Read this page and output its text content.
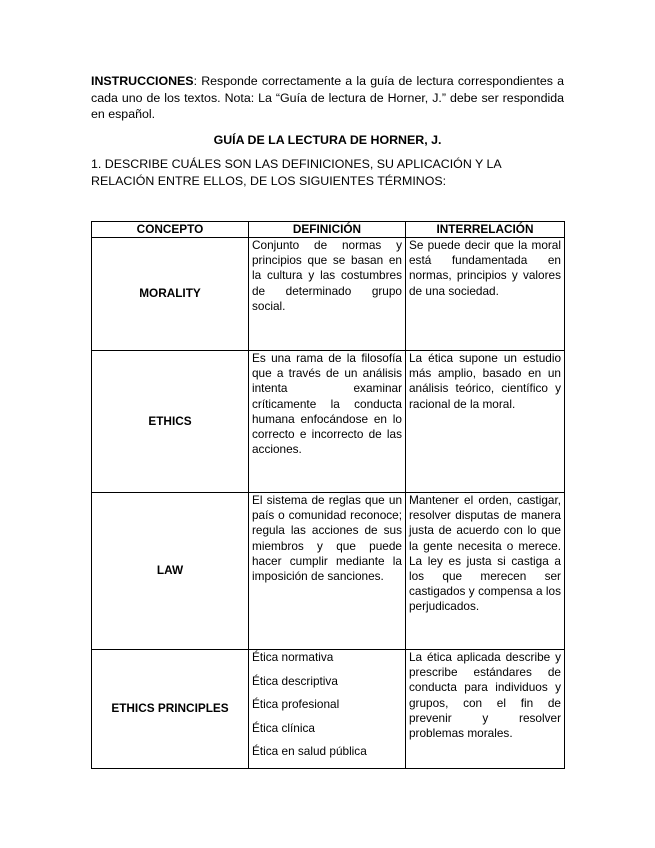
INSTRUCCIONES: Responde correctamente a la guía de lectura correspondientes a cada uno de los textos. Nota: La “Guía de lectura de Horner, J.” debe ser respondida en español.

GUÍA DE LA LECTURA DE HORNER, J.

1. DESCRIBE CUÁLES SON LAS DEFINICIONES, SU APLICACIÓN Y LA RELACIÓN ENTRE ELLOS, DE LOS SIGUIENTES TÉRMINOS:

CONCEPTO	DEFINICIÓN	INTERRELACIÓN
MORALITY	Conjunto de normas y principios que se basan en la cultura y las costumbres de determinado grupo social.	Se puede decir que la moral está fundamentada en normas, principios y valores de una sociedad.
ETHICS	Es una rama de la filosofía que a través de un análisis intenta examinar críticamente la conducta humana enfocándose en lo correcto e incorrecto de las acciones.	La ética supone un estudio más amplio, basado en un análisis teórico, científico y racional de la moral.
LAW	El sistema de reglas que un país o comunidad reconoce; regula las acciones de sus miembros y que puede hacer cumplir mediante la imposición de sanciones.	Mantener el orden, castigar, resolver disputas de manera justa de acuerdo con lo que la gente necesita o merece. La ley es justa si castiga a los que merecen ser castigados y compensa a los perjudicados.
ETHICS PRINCIPLES	Ética normativa
Ética descriptiva
Ética profesional
Ética clínica
Ética en salud pública	La ética aplicada describe y prescribe estándares de conducta para individuos y grupos, con el fin de prevenir y resolver problemas morales.
